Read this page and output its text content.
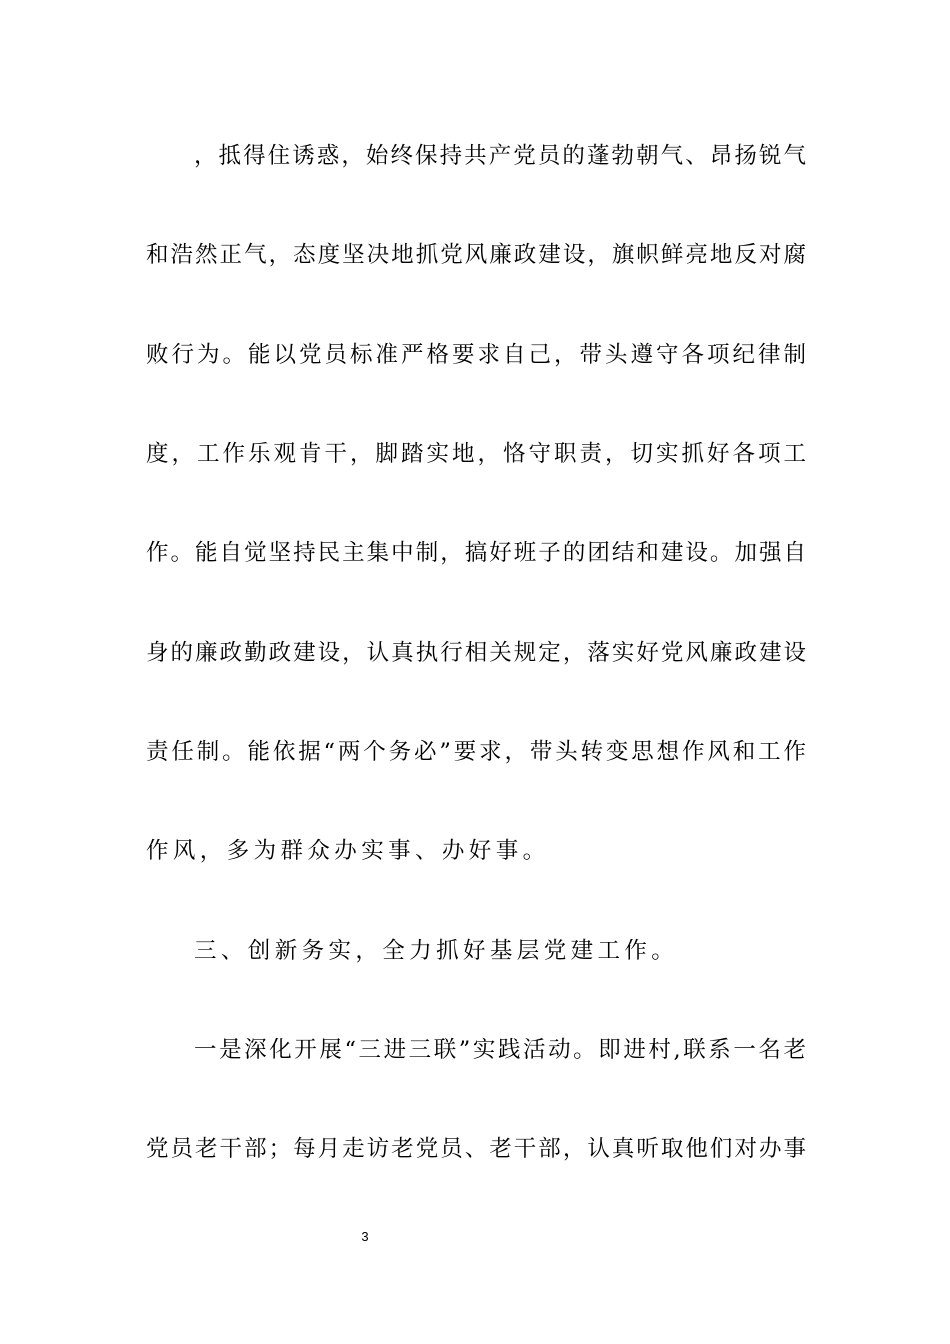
，抵得住诱惑，始终保持共产党员的蓬勃朝气、昂扬锐气
和浩然正气，态度坚决地抓党风廉政建设，旗帜鲜亮地反对腐
败行为。能以党员标准严格要求自己，带头遵守各项纪律制
度，工作乐观肯干，脚踏实地，恪守职责，切实抓好各项工
作。能自觉坚持民主集中制，搞好班子的团结和建设。加强自
身的廉政勤政建设，认真执行相关规定，落实好党风廉政建设
责任制。能依据“两个务必”要求，带头转变思想作风和工作
作风，多为群众办实事、办好事。
三、创新务实，全力抓好基层党建工作。
一是深化开展“三进三联”实践活动。即进村,联系一名老
党员老干部；每月走访老党员、老干部，认真听取他们对办事
3
